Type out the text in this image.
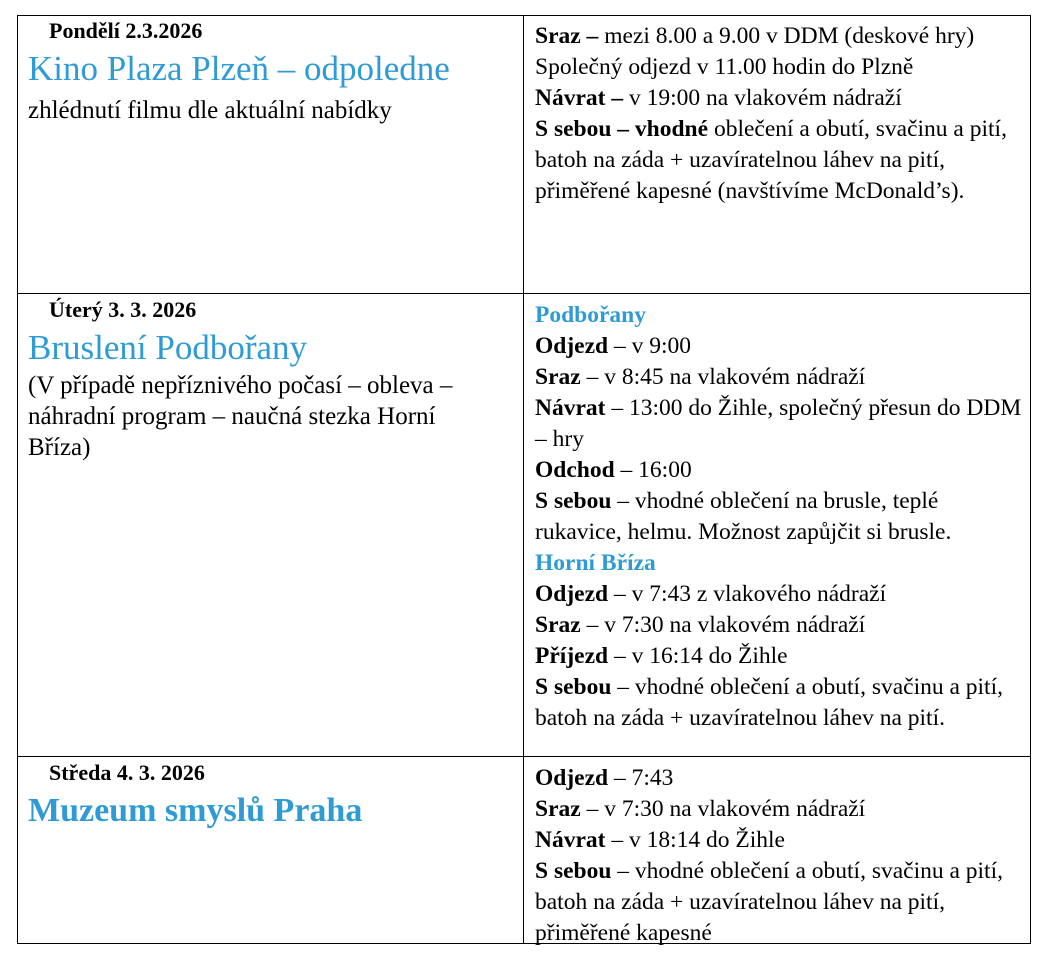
Pondělí 2.3.2026
Kino Plaza Plzeň – odpoledne
zhlédnutí filmu dle aktuální nabídky
Sraz – mezi 8.00 a 9.00 v DDM (deskové hry)
Společný odjezd v 11.00 hodin do Plzně
Návrat – v 19:00 na vlakovém nádraží
S sebou – vhodné oblečení a obutí, svačinu a pití, batoh na záda + uzavíratelnou láhev na pití, přiměřené kapesné (navštívíme McDonald’s).
Úterý 3. 3. 2026
Bruslení Podbořany
(V případě nepříznivého počasí – obleva – náhradní program – naučná stezka Horní Bříza)
Podbořany
Odjezd – v 9:00
Sraz – v 8:45 na vlakovém nádraží
Návrat – 13:00 do Žihle, společný přesun do DDM – hry
Odchod – 16:00
S sebou – vhodné oblečení na brusle, teplé rukavice, helmu. Možnost zapůjčit si brusle.
Horní Bříza
Odjezd – v 7:43 z vlakového nádraží
Sraz – v 7:30 na vlakovém nádraží
Příjezd – v 16:14 do Žihle
S sebou – vhodné oblečení a obutí, svačinu a pití, batoh na záda + uzavíratelnou láhev na pití.
Středa 4. 3. 2026
Muzeum smyslů Praha
Odjezd – 7:43
Sraz – v 7:30 na vlakovém nádraží
Návrat – v 18:14 do Žihle
S sebou – vhodné oblečení a obutí, svačinu a pití, batoh na záda + uzavíratelnou láhev na pití, přiměřené kapesné
